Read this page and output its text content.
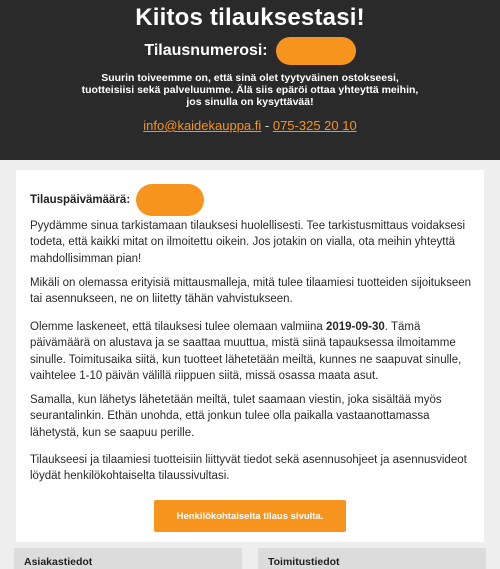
Kiitos tilauksestasi!
Tilausnumerosi:
Suurin toiveemme on, että sinä olet tyytyväinen ostokseesi,
tuotteisiisi sekä palveluumme. Älä siis epäröi ottaa yhteyttä meihin,
jos sinulla on kysyttävää!
info@kaidekauppa.fi - 075-325 20 10
Tilauspäivämäärä:

Pyydämme sinua tarkistamaan tilauksesi huolellisesti. Tee tarkistusmittaus voidaksesi todeta, että kaikki mitat on ilmoitettu oikein. Jos jotakin on vialla, ota meihin yhteyttä mahdollisimman pian!

Mikäli on olemassa erityisiä mittausmalleja, mitä tulee tilaamiesi tuotteiden sijoitukseen tai asennukseen, ne on liitetty tähän vahvistukseen.

Olemme laskeneet, että tilauksesi tulee olemaan valmiina 2019-09-30. Tämä päivämäärä on alustava ja se saattaa muuttua, mistä siinä tapauksessa ilmoitamme sinulle. Toimitusaika siitä, kun tuotteet lähetetään meiltä, kunnes ne saapuvat sinulle, vaihtelee 1-10 päivän välillä riippuen siitä, missä osassa maata asut.

Samalla, kun lähetys lähetetään meiltä, tulet saamaan viestin, joka sisältää myös seurantalinkin. Ethän unohda, että jonkun tulee olla paikalla vastaanottamassa lähetystä, kun se saapuu perille.

Tilaukseesi ja tilaamiesi tuotteisiin liittyvät tiedot sekä asennusohjeet ja asennusvideot löydät henkilökohtaiselta tilaussivultasi.

Henkilökohtaiselta tilaus sivulta.
Asiakastiedot	Toimitustiedot
